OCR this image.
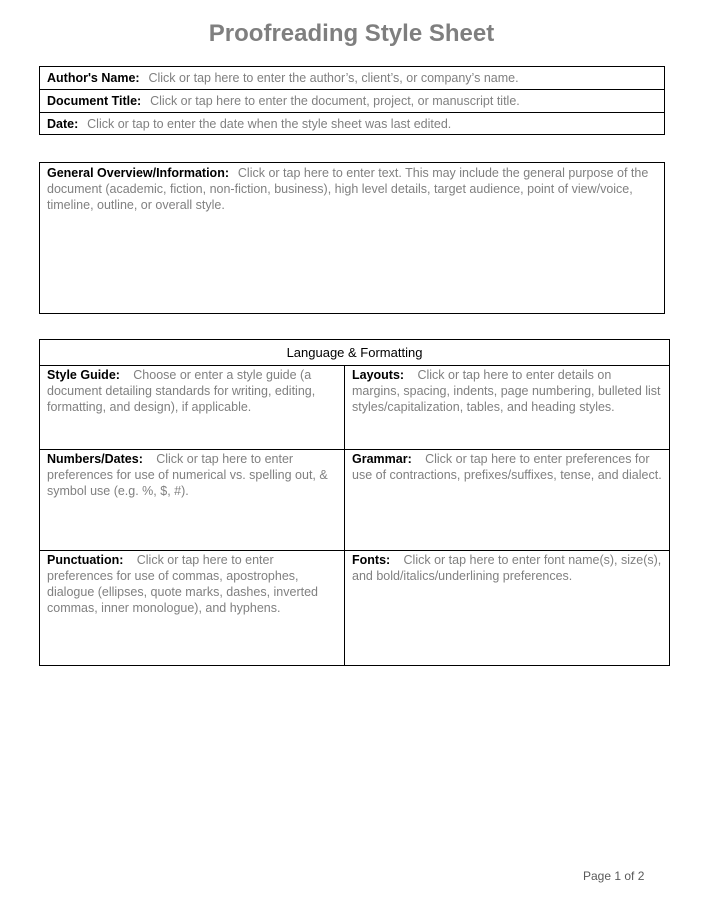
Proofreading Style Sheet
Author's Name: Click or tap here to enter the author’s, client’s, or company’s name.
Document Title: Click or tap here to enter the document, project, or manuscript title.
Date: Click or tap to enter the date when the style sheet was last edited.
General Overview/Information: Click or tap here to enter text. This may include the general purpose of the document (academic, fiction, non-fiction, business), high level details, target audience, point of view/voice, timeline, outline, or overall style.
Language & Formatting
Style Guide: Choose or enter a style guide (a document detailing standards for writing, editing, formatting, and design), if applicable.
Layouts: Click or tap here to enter details on margins, spacing, indents, page numbering, bulleted list styles/capitalization, tables, and heading styles.
Numbers/Dates: Click or tap here to enter preferences for use of numerical vs. spelling out, & symbol use (e.g. %, $, #).
Grammar: Click or tap here to enter preferences for use of contractions, prefixes/suffixes, tense, and dialect.
Punctuation: Click or tap here to enter preferences for use of commas, apostrophes, dialogue (ellipses, quote marks, dashes, inverted commas, inner monologue), and hyphens.
Fonts: Click or tap here to enter font name(s), size(s), and bold/italics/underlining preferences.
Page 1 of 2
